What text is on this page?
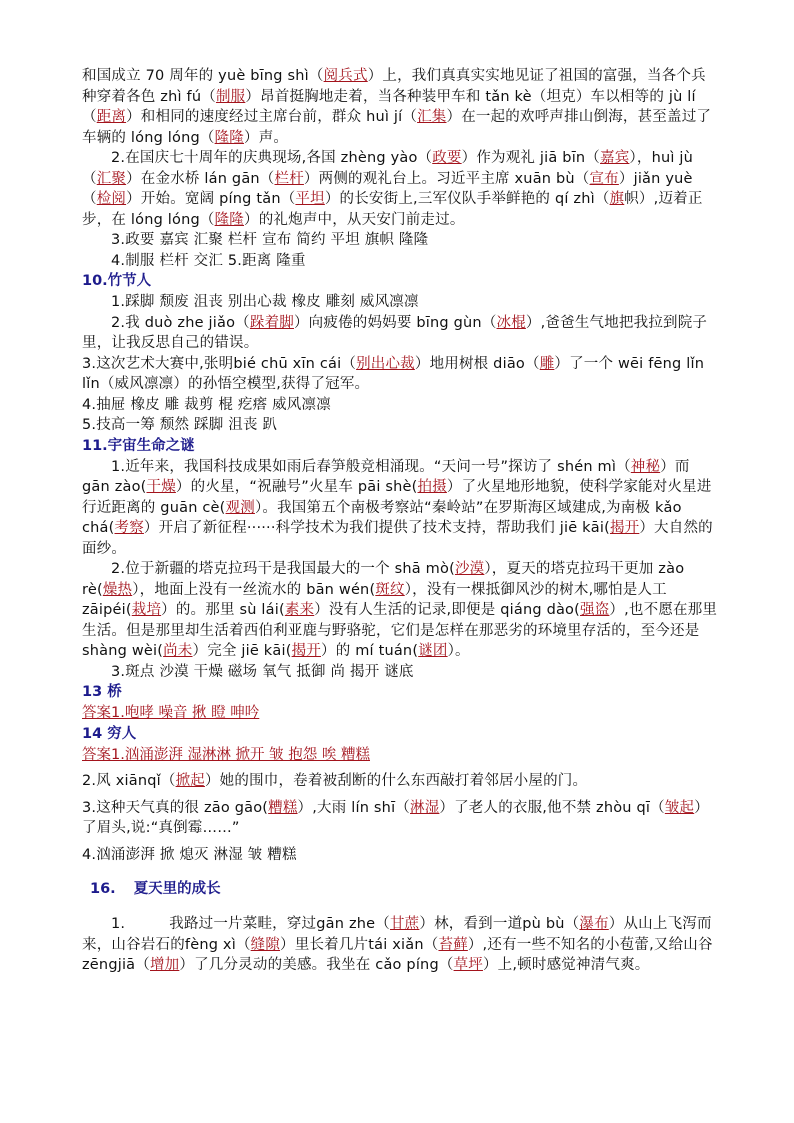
和国成立 70 周年的 yuè bīng shì（阅兵式）上，我们真真实实地见证了祖国的富强，当各个兵种穿着各色 zhì fú（制服）昂首挺胸地走着，当各种装甲车和 tǎn kè（坦克）车以相等的 jù lí（距离）和相同的速度经过主席台前，群众 huì jí（汇集）在一起的欢呼声排山倒海，甚至盖过了车辆的 lóng lóng（隆隆）声。
2.在国庆七十周年的庆典现场,各国 zhèng yào（政要）作为观礼 jiā bīn（嘉宾），huì jù（汇聚）在金水桥 lán gān（栏杆）两侧的观礼台上。习近平主席 xuān bù（宣布）jiǎn yuè（检阅）开始。宽阔 píng tǎn（平坦）的长安街上,三军仪队手举鲜艳的 qí zhì（旗帜）,迈着正步，在 lóng lóng（隆隆）的礼炮声中，从天安门前走过。
3.政要 嘉宾 汇聚 栏杆 宣布 简约 平坦 旗帜 隆隆
4.制服 栏杆 交汇 5.距离 隆重
10.竹节人
1.踩脚 颓废 沮丧 别出心裁 橡皮 雕刻 威风凛凛
2.我 duò zhe jiǎo（跺着脚）向疲倦的妈妈要 bīng gùn（冰棍）,爸爸生气地把我拉到院子里，让我反思自己的错误。
3.这次艺术大赛中,张明bié chū xīn cái（别出心裁）地用树根 diāo（雕）了一个 wēi fēng lǐn lǐn（威风凛凛）的孙悟空模型,获得了冠军。
4.抽屉 橡皮 雕 裁剪 棍 疙瘩 威风凛凛
5.技高一筹 颓然 踩脚 沮丧 趴
11.宇宙生命之谜
1.近年来，我国科技成果如雨后春笋般竞相涌现。“天问一号”探访了 shén mì（神秘）而 gān zào(干燥）的火星，“祝融号”火星车 pāi shè(拍摄）了火星地形地貌，使科学家能对火星进行近距离的 guān cè(观测）。我国第五个南极考察站“秦岭站”在罗斯海区域建成,为南极 kǎo chá(考察）开启了新征程······科学技术为我们提供了技术支持，帮助我们 jiē kāi(揭开）大自然的面纱。
2.位于新疆的塔克拉玛干是我国最大的一个 shā mò(沙漠），夏天的塔克拉玛干更加 zào rè(燥热），地面上没有一丝流水的 bān wén(斑纹），没有一棵抵御风沙的树木,哪怕是人工 zāipéi(栽培）的。那里 sù lái(素来）没有人生活的记录,即便是 qiáng dào(强盗）,也不愿在那里生活。但是那里却生活着西伯利亚鹿与野骆驼，它们是怎样在那恶劣的环境里存活的，至今还是 shàng wèi(尚未）完全 jiē kāi(揭开）的 mí tuán(谜团）。
3.斑点 沙漠 干燥 磁场 氧气 抵御 尚 揭开 谜底
13 桥
答案1.咆哮 噪音 揪 瞪 呻吟
14 穷人
答案1.汹涌澎湃 湿淋淋 掀开 皱 抱怨 唉 糟糕
2.风 xiānqǐ（掀起）她的围巾，卷着被刮断的什么东西敲打着邻居小屋的门。
3.这种天气真的很 zāo gāo(糟糕）,大雨 lín shī（淋湿）了老人的衣服,他不禁 zhòu qī（皱起）了眉头,说:“真倒霉……”
4.汹涌澎湃 掀 熄灭 淋湿 皱 糟糕
16. 夏天里的成长
1.	我路过一片菜畦，穿过gān zhe（甘蔗）林，看到一道pù bù（瀑布）从山上飞泻而来，山谷岩石的fèng xì（缝隙）里长着几片tái xiǎn（苔藓）,还有一些不知名的小苞蕾,又给山谷zēngjiā（增加）了几分灵动的美感。我坐在 cǎo píng（草坪）上,顿时感觉神清气爽。
